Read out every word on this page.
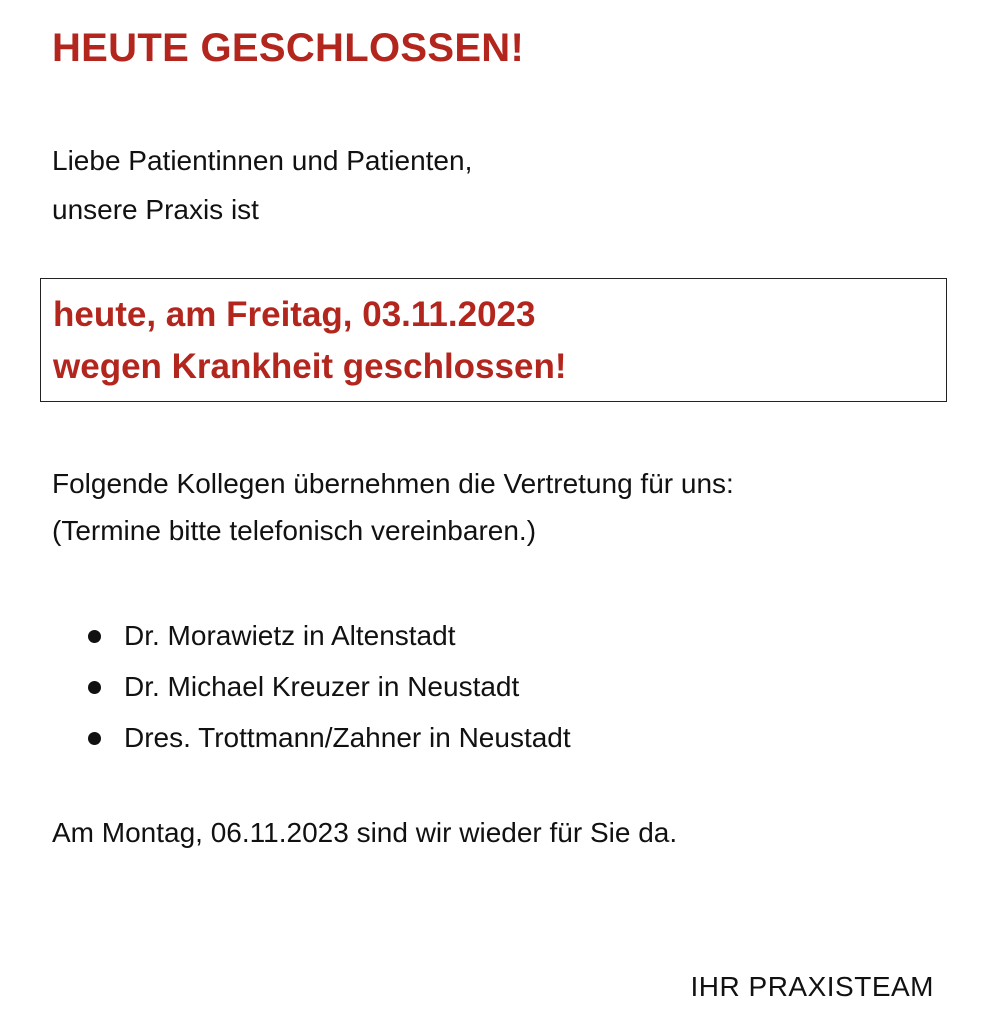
HEUTE GESCHLOSSEN!
Liebe Patientinnen und Patienten,
unsere Praxis ist
heute, am Freitag, 03.11.2023
wegen Krankheit geschlossen!
Folgende Kollegen übernehmen die Vertretung für uns:
(Termine bitte telefonisch vereinbaren.)
Dr. Morawietz in Altenstadt
Dr. Michael Kreuzer in Neustadt
Dres. Trottmann/Zahner in Neustadt
Am Montag, 06.11.2023 sind wir wieder für Sie da.
IHR PRAXISTEAM
